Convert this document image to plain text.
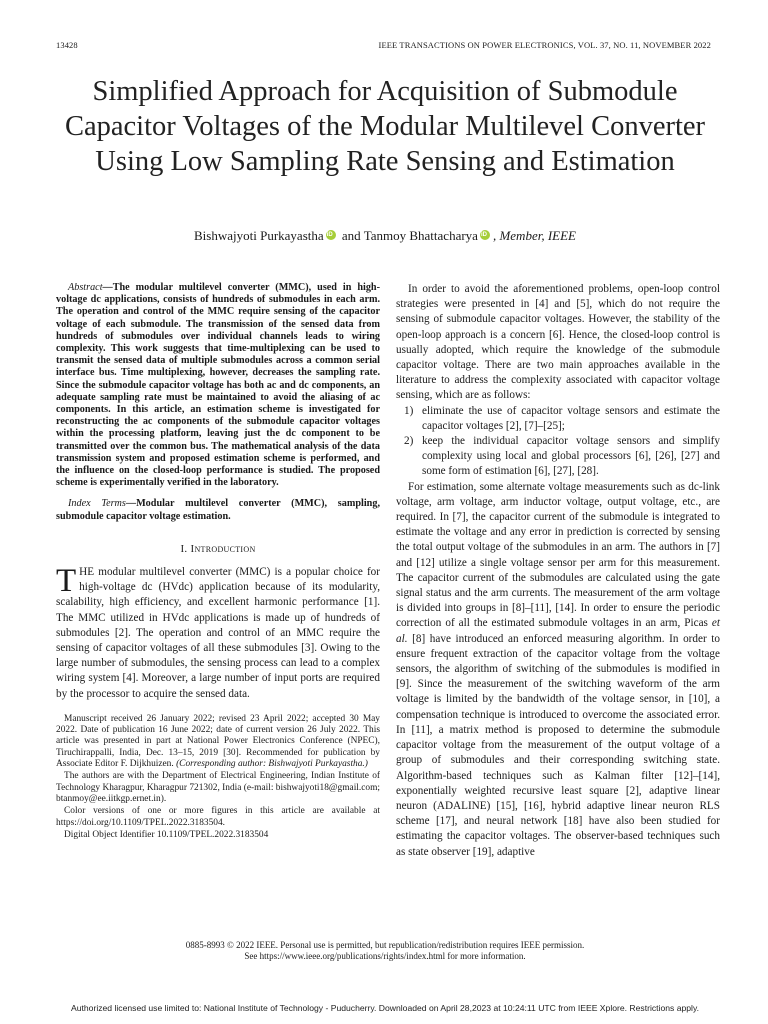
13428	IEEE TRANSACTIONS ON POWER ELECTRONICS, VOL. 37, NO. 11, NOVEMBER 2022
Simplified Approach for Acquisition of Submodule Capacitor Voltages of the Modular Multilevel Converter Using Low Sampling Rate Sensing and Estimation
Bishwajyoti Purkayastha iD and Tanmoy Bhattacharya iD , Member, IEEE

Abstract—The modular multilevel converter (MMC), used in high-voltage dc applications, consists of hundreds of submodules in each arm. The operation and control of the MMC require sensing of the capacitor voltage of each submodule. The transmission of the sensed data from hundreds of submodules over individual channels leads to wiring complexity. This work suggests that time-multiplexing can be used to transmit the sensed data of multiple submodules across a common serial interface bus. Time multiplexing, however, decreases the sampling rate. Since the submodule capacitor voltage has both ac and dc components, an adequate sampling rate must be maintained to avoid the aliasing of ac components. In this article, an estimation scheme is investigated for reconstructing the ac components of the submodule capacitor voltages within the processing platform, leaving just the dc component to be transmitted over the common bus. The mathematical analysis of the data transmission system and proposed estimation scheme is performed, and the influence on the closed-loop performance is studied. The proposed scheme is experimentally verified in the laboratory.

Index Terms—Modular multilevel converter (MMC), sampling, submodule capacitor voltage estimation.

I. Introduction

THE modular multilevel converter (MMC) is a popular choice for high-voltage dc (HVdc) application because of its modularity, scalability, high efficiency, and excellent harmonic performance [1]. The MMC utilized in HVdc applications is made up of hundreds of submodules [2]. The operation and control of an MMC require the sensing of capacitor voltages of all these submodules [3]. Owing to the large number of submodules, the sensing process can lead to a complex wiring system [4]. Moreover, a large number of input ports are required by the processor to acquire the sensed data.

Manuscript received 26 January 2022; revised 23 April 2022; accepted 30 May 2022. Date of publication 16 June 2022; date of current version 26 July 2022. This article was presented in part at National Power Electronics Conference (NPEC), Tiruchirappalli, India, Dec. 13–15, 2019 [30]. Recommended for publication by Associate Editor F. Dijkhuizen. (Corresponding author: Bishwajyoti Purkayastha.)

The authors are with the Department of Electrical Engineering, Indian Institute of Technology Kharagpur, Kharagpur 721302, India (e-mail: bishwajyoti18@gmail.com; btanmoy@ee.iitkgp.ernet.in).

Color versions of one or more figures in this article are available at https://doi.org/10.1109/TPEL.2022.3183504.

Digital Object Identifier 10.1109/TPEL.2022.3183504

In order to avoid the aforementioned problems, open-loop control strategies were presented in [4] and [5], which do not require the sensing of submodule capacitor voltages. However, the stability of the open-loop approach is a concern [6]. Hence, the closed-loop control is usually adopted, which require the knowledge of the submodule capacitor voltage. There are two main approaches available in the literature to address the complexity associated with capacitor voltage sensing, which are as follows:

1) eliminate the use of capacitor voltage sensors and estimate the capacitor voltages [2], [7]–[25];
2) keep the individual capacitor voltage sensors and simplify complexity using local and global processors [6], [26], [27] and some form of estimation [6], [27], [28].

For estimation, some alternate voltage measurements such as dc-link voltage, arm voltage, arm inductor voltage, output voltage, etc., are required. In [7], the capacitor current of the submodule is integrated to estimate the voltage and any error in prediction is corrected by sensing the total output voltage of the submodules in an arm. The authors in [7] and [12] utilize a single voltage sensor per arm for this measurement. The capacitor current of the submodules are calculated using the gate signal status and the arm currents. The measurement of the arm voltage is divided into groups in [8]–[11], [14]. In order to ensure the periodic correction of all the estimated submodule voltages in an arm, Picas et al. [8] have introduced an enforced measuring algorithm. In order to ensure frequent extraction of the capacitor voltage from the voltage sensors, the algorithm of switching of the submodules is modified in [9]. Since the measurement of the switching waveform of the arm voltage is limited by the bandwidth of the voltage sensor, in [10], a compensation technique is introduced to overcome the associated error. In [11], a matrix method is proposed to determine the submodule capacitor voltage from the measurement of the output voltage of a group of submodules and their corresponding switching state. Algorithm-based techniques such as Kalman filter [12]–[14], exponentially weighted recursive least square [2], adaptive linear neuron (ADALINE) [15], [16], hybrid adaptive linear neuron RLS scheme [17], and neural network [18] have also been studied for estimating the capacitor voltages. The observer-based techniques such as state observer [19], adaptive

0885-8993 © 2022 IEEE. Personal use is permitted, but republication/redistribution requires IEEE permission.
See https://www.ieee.org/publications/rights/index.html for more information.
Authorized licensed use limited to: National Institute of Technology - Puducherry. Downloaded on April 28,2023 at 10:24:11 UTC from IEEE Xplore. Restrictions apply.
